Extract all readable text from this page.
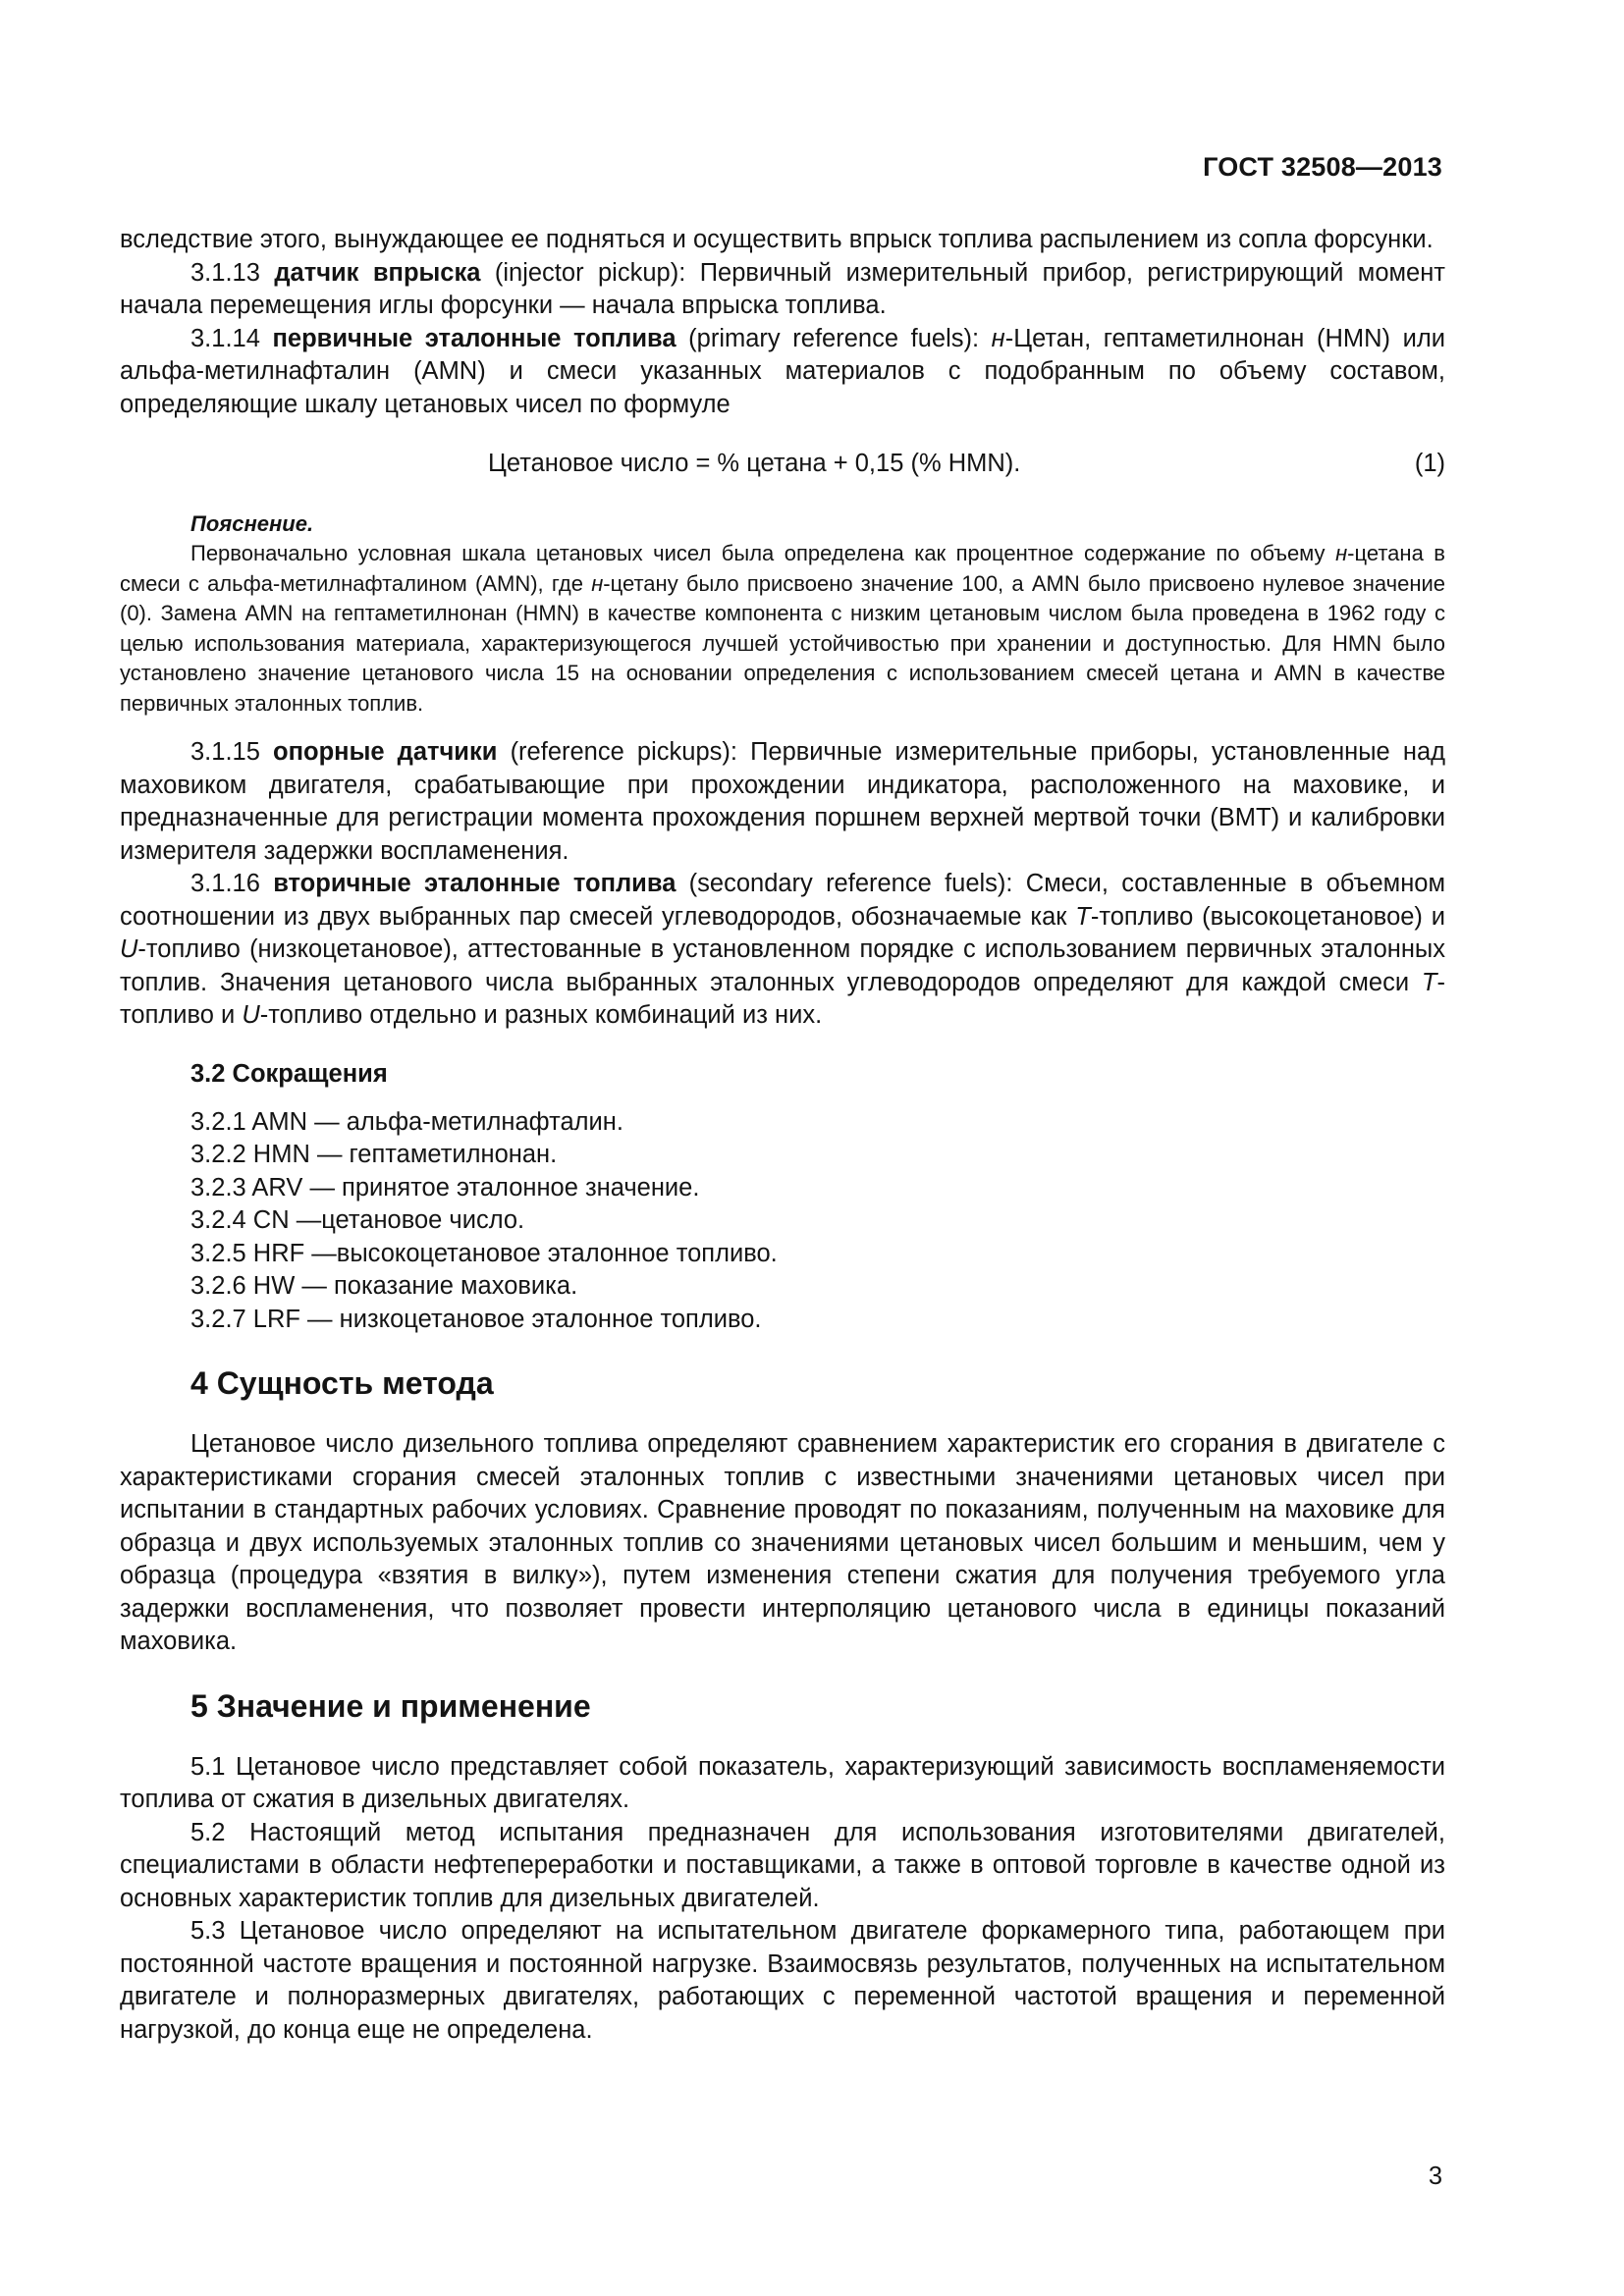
ГОСТ 32508—2013

вследствие этого, вынуждающее ее подняться и осуществить впрыск топлива распылением из сопла форсунки.

3.1.13 датчик впрыска (injector pickup): Первичный измерительный прибор, регистрирующий момент начала перемещения иглы форсунки — начала впрыска топлива.

3.1.14 первичные эталонные топлива (primary reference fuels): н-Цетан, гептаметилнонан (HMN) или альфа-метилнафталин (AMN) и смеси указанных материалов с подобранным по объему составом, определяющие шкалу цетановых чисел по формуле

Цетановое число = % цетана + 0,15 (% HMN).	(1)

Пояснение.

Первоначально условная шкала цетановых чисел была определена как процентное содержание по объему н-цетана в смеси с альфа-метилнафталином (AMN), где н-цетану было присвоено значение 100, а AMN было присвоено нулевое значение (0). Замена AMN на гептаметилнонан (HMN) в качестве компонента с низким цетановым числом была проведена в 1962 году с целью использования материала, характеризующегося лучшей устойчивостью при хранении и доступностью. Для HMN было установлено значение цетанового числа 15 на основании определения с использованием смесей цетана и AMN в качестве первичных эталонных топлив.

3.1.15 опорные датчики (reference pickups): Первичные измерительные приборы, установленные над маховиком двигателя, срабатывающие при прохождении индикатора, расположенного на маховике, и предназначенные для регистрации момента прохождения поршнем верхней мертвой точки (ВМТ) и калибровки измерителя задержки воспламенения.

3.1.16 вторичные эталонные топлива (secondary reference fuels): Смеси, составленные в объемном соотношении из двух выбранных пар смесей углеводородов, обозначаемые как T-топливо (высокоцетановое) и U-топливо (низкоцетановое), аттестованные в установленном порядке с использованием первичных эталонных топлив. Значения цетанового числа выбранных эталонных углеводородов определяют для каждой смеси T-топливо и U-топливо отдельно и разных комбинаций из них.

3.2 Сокращения

3.2.1 AMN — альфа-метилнафталин.

3.2.2 HMN — гептаметилнонан.

3.2.3 ARV — принятое эталонное значение.

3.2.4 CN —цетановое число.

3.2.5 HRF —высокоцетановое эталонное топливо.

3.2.6 HW — показание маховика.

3.2.7 LRF — низкоцетановое эталонное топливо.

4 Сущность метода

Цетановое число дизельного топлива определяют сравнением характеристик его сгорания в двигателе с характеристиками сгорания смесей эталонных топлив с известными значениями цетановых чисел при испытании в стандартных рабочих условиях. Сравнение проводят по показаниям, полученным на маховике для образца и двух используемых эталонных топлив со значениями цетановых чисел большим и меньшим, чем у образца (процедура «взятия в вилку»), путем изменения степени сжатия для получения требуемого угла задержки воспламенения, что позволяет провести интерполяцию цетанового числа в единицы показаний маховика.

5 Значение и применение

5.1 Цетановое число представляет собой показатель, характеризующий зависимость воспламеняемости топлива от сжатия в дизельных двигателях.

5.2 Настоящий метод испытания предназначен для использования изготовителями двигателей, специалистами в области нефтепереработки и поставщиками, а также в оптовой торговле в качестве одной из основных характеристик топлив для дизельных двигателей.

5.3 Цетановое число определяют на испытательном двигателе форкамерного типа, работающем при постоянной частоте вращения и постоянной нагрузке. Взаимосвязь результатов, полученных на испытательном двигателе и полноразмерных двигателях, работающих с переменной частотой вращения и переменной нагрузкой, до конца еще не определена.

3
